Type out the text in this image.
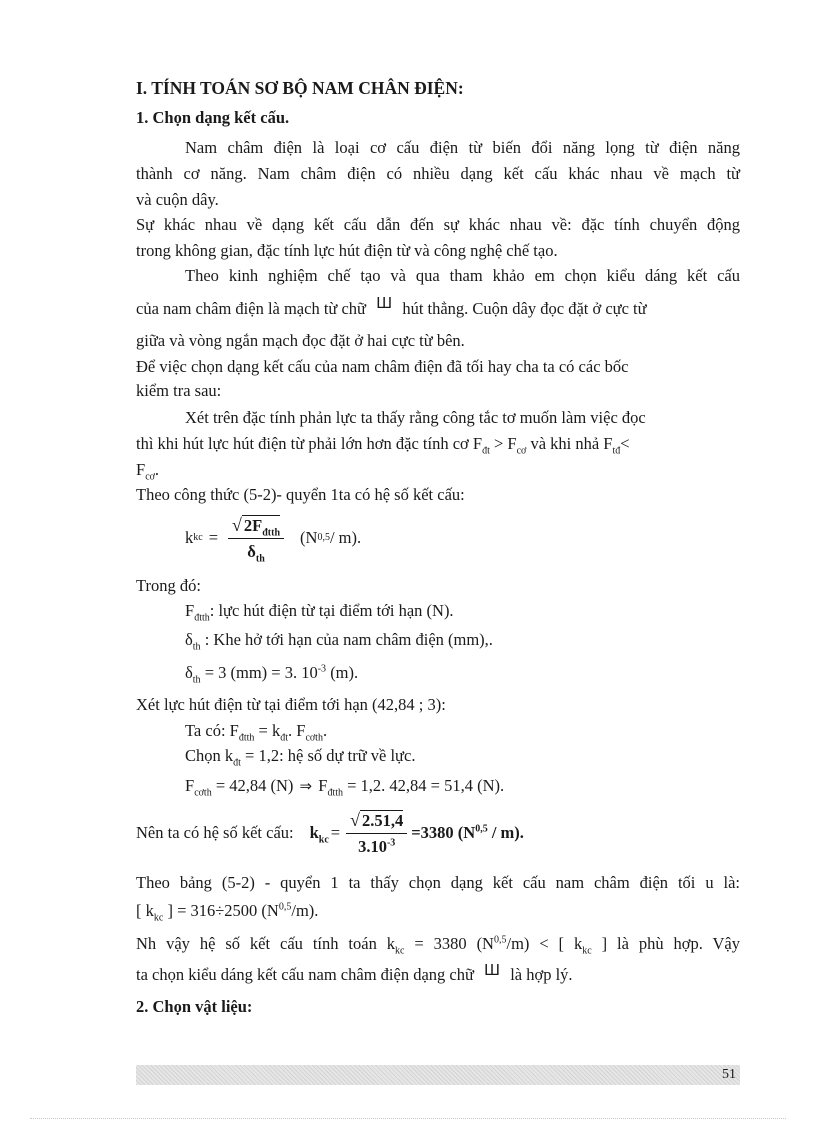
I. TÍNH TOÁN SƠ BỘ NAM CHÂN ĐIỆN:
1. Chọn dạng kết cấu.
Nam châm điện là loại cơ cấu điện từ biến đổi năng lọng từ điện năng
thành cơ năng. Nam châm điện có nhiều dạng kết cấu khác nhau về mạch từ
và cuộn dây.
Sự khác nhau về dạng kết cấu dẫn đến sự khác nhau về: đặc tính chuyển động
trong không gian, đặc tính lực hút điện từ và công nghệ chế tạo.
Theo kinh nghiệm chế tạo và qua tham khảo em chọn kiểu dáng kết cấu
của nam châm điện là mạch từ chữ Ш hút thẳng. Cuộn dây đọc đặt ở cực từ
giữa và vòng ngắn mạch đọc đặt ở hai cực từ bên.
Để việc chọn dạng kết cấu của nam châm điện đã tối hay cha ta có các bốc
kiểm tra sau:
Xét trên đặc tính phản lực ta thấy rằng công tắc tơ muốn làm việc đọc
thì khi hút lực hút điện từ phải lớn hơn đặc tính cơ $F_{đt} > F_{cơ}$ và khi nhả $F_{tđ}<$
$F_{cơ}$.
Theo công thức (5-2)- quyển 1ta có hệ số kết cấu:
k kc = $\frac{√ 2F_{đtth}}{\delta_{th}} (N$ 0,5 / m).
Trong đó:
$F_{đtth}$: lực hút điện từ tại điểm tới hạn (N).
$\delta_{th}$ : Khe hở tới hạn của nam châm điện (mm),.
$\delta_{th} = 3$ (mm) = 3. $10^{-3}$ (m).
Xét lực hút điện từ tại điểm tới hạn (42,84 ; 3):
Ta có: $F_{đtth} = k_{đt}$. $F_{cơth}$.
Chọn $k_{đt} = 1,2$: hệ số dự trữ về lực.
$F_{cơth} = 42,84$ (N) ⇒ $F_{đtth} = 1,2$. 42,84 = 51,4 (N).
Nên ta có hệ số kết cấu: $k_{kc} = \frac{√ 2.51,4}{3.10^{-3}} =3380$ $(N^{0,5} / m)$.
Theo bảng (5-2) - quyển 1 ta thấy chọn dạng kết cấu nam châm điện tối u là:
[ $k_{kc}$ ] = 316÷2500 $(N^{0,5}/m)$.
Nh vậy hệ số kết cấu tính toán $k_{kc} = 3380$ $(N^{0,5}/m)$ < [ $k_{kc}$ ] là phù hợp. Vậy
ta chọn kiểu dáng kết cấu nam châm điện dạng chữ Ш là hợp lý.
2. Chọn vật liệu:
51
